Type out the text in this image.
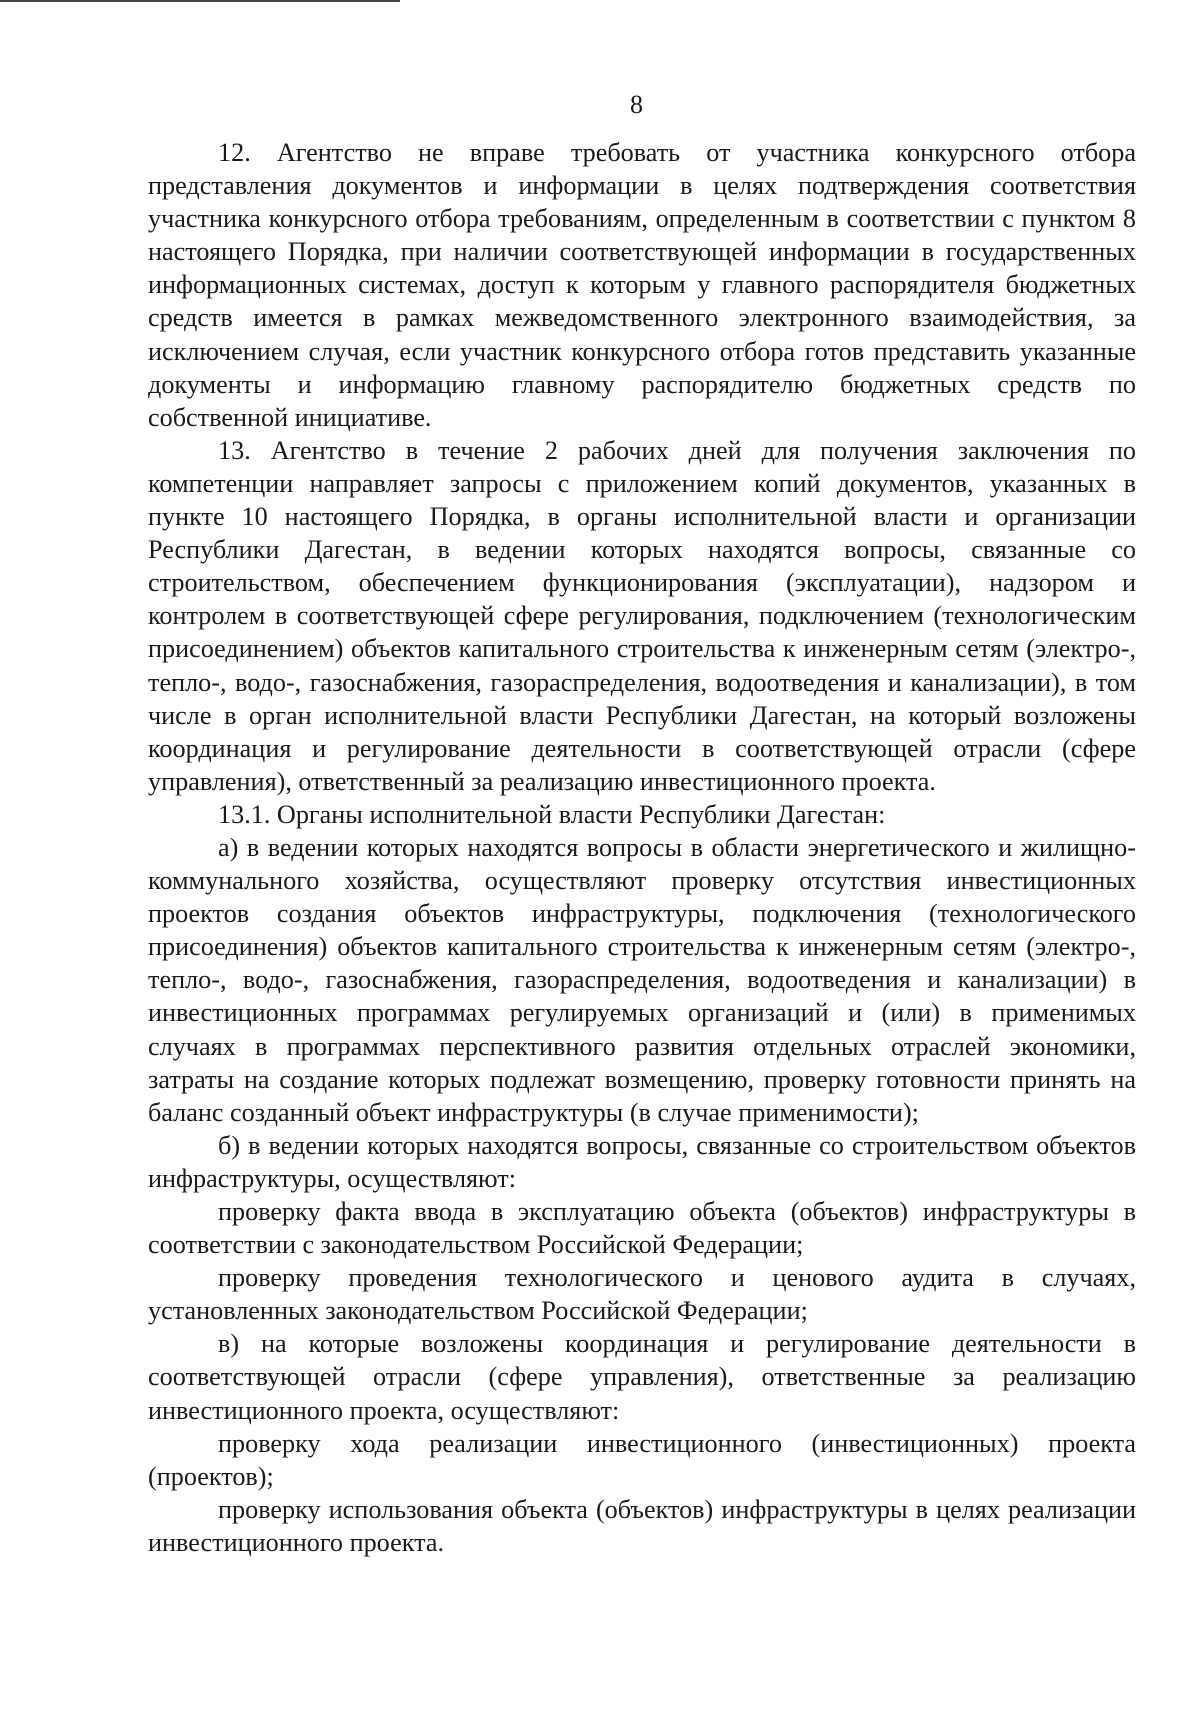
8

12. Агентство не вправе требовать от участника конкурсного отбора представления документов и информации в целях подтверждения соответствия участника конкурсного отбора требованиям, определенным в соответствии с пунктом 8 настоящего Порядка, при наличии соответствующей информации в государственных информационных системах, доступ к которым у главного распорядителя бюджетных средств имеется в рамках межведомственного электронного взаимодействия, за исключением случая, если участник конкурсного отбора готов представить указанные документы и информацию главному распорядителю бюджетных средств по собственной инициативе.

13. Агентство в течение 2 рабочих дней для получения заключения по компетенции направляет запросы с приложением копий документов, указанных в пункте 10 настоящего Порядка, в органы исполнительной власти и организации Республики Дагестан, в ведении которых находятся вопросы, связанные со строительством, обеспечением функционирования (эксплуатации), надзором и контролем в соответствующей сфере регулирования, подключением (технологическим присоединением) объектов капитального строительства к инженерным сетям (электро-, тепло-, водо-, газоснабжения, газораспределения, водоотведения и канализации), в том числе в орган исполнительной власти Республики Дагестан, на который возложены координация и регулирование деятельности в соответствующей отрасли (сфере управления), ответственный за реализацию инвестиционного проекта.

13.1. Органы исполнительной власти Республики Дагестан:

а) в ведении которых находятся вопросы в области энергетического и жилищно-коммунального хозяйства, осуществляют проверку отсутствия инвестиционных проектов создания объектов инфраструктуры, подключения (технологического присоединения) объектов капитального строительства к инженерным сетям (электро-, тепло-, водо-, газоснабжения, газораспределения, водоотведения и канализации) в инвестиционных программах регулируемых организаций и (или) в применимых случаях в программах перспективного развития отдельных отраслей экономики, затраты на создание которых подлежат возмещению, проверку готовности принять на баланс созданный объект инфраструктуры (в случае применимости);

б) в ведении которых находятся вопросы, связанные со строительством объектов инфраструктуры, осуществляют:

проверку факта ввода в эксплуатацию объекта (объектов) инфраструктуры в соответствии с законодательством Российской Федерации;

проверку проведения технологического и ценового аудита в случаях, установленных законодательством Российской Федерации;

в) на которые возложены координация и регулирование деятельности в соответствующей отрасли (сфере управления), ответственные за реализацию инвестиционного проекта, осуществляют:

проверку хода реализации инвестиционного (инвестиционных) проекта (проектов);

проверку использования объекта (объектов) инфраструктуры в целях реализации инвестиционного проекта.
